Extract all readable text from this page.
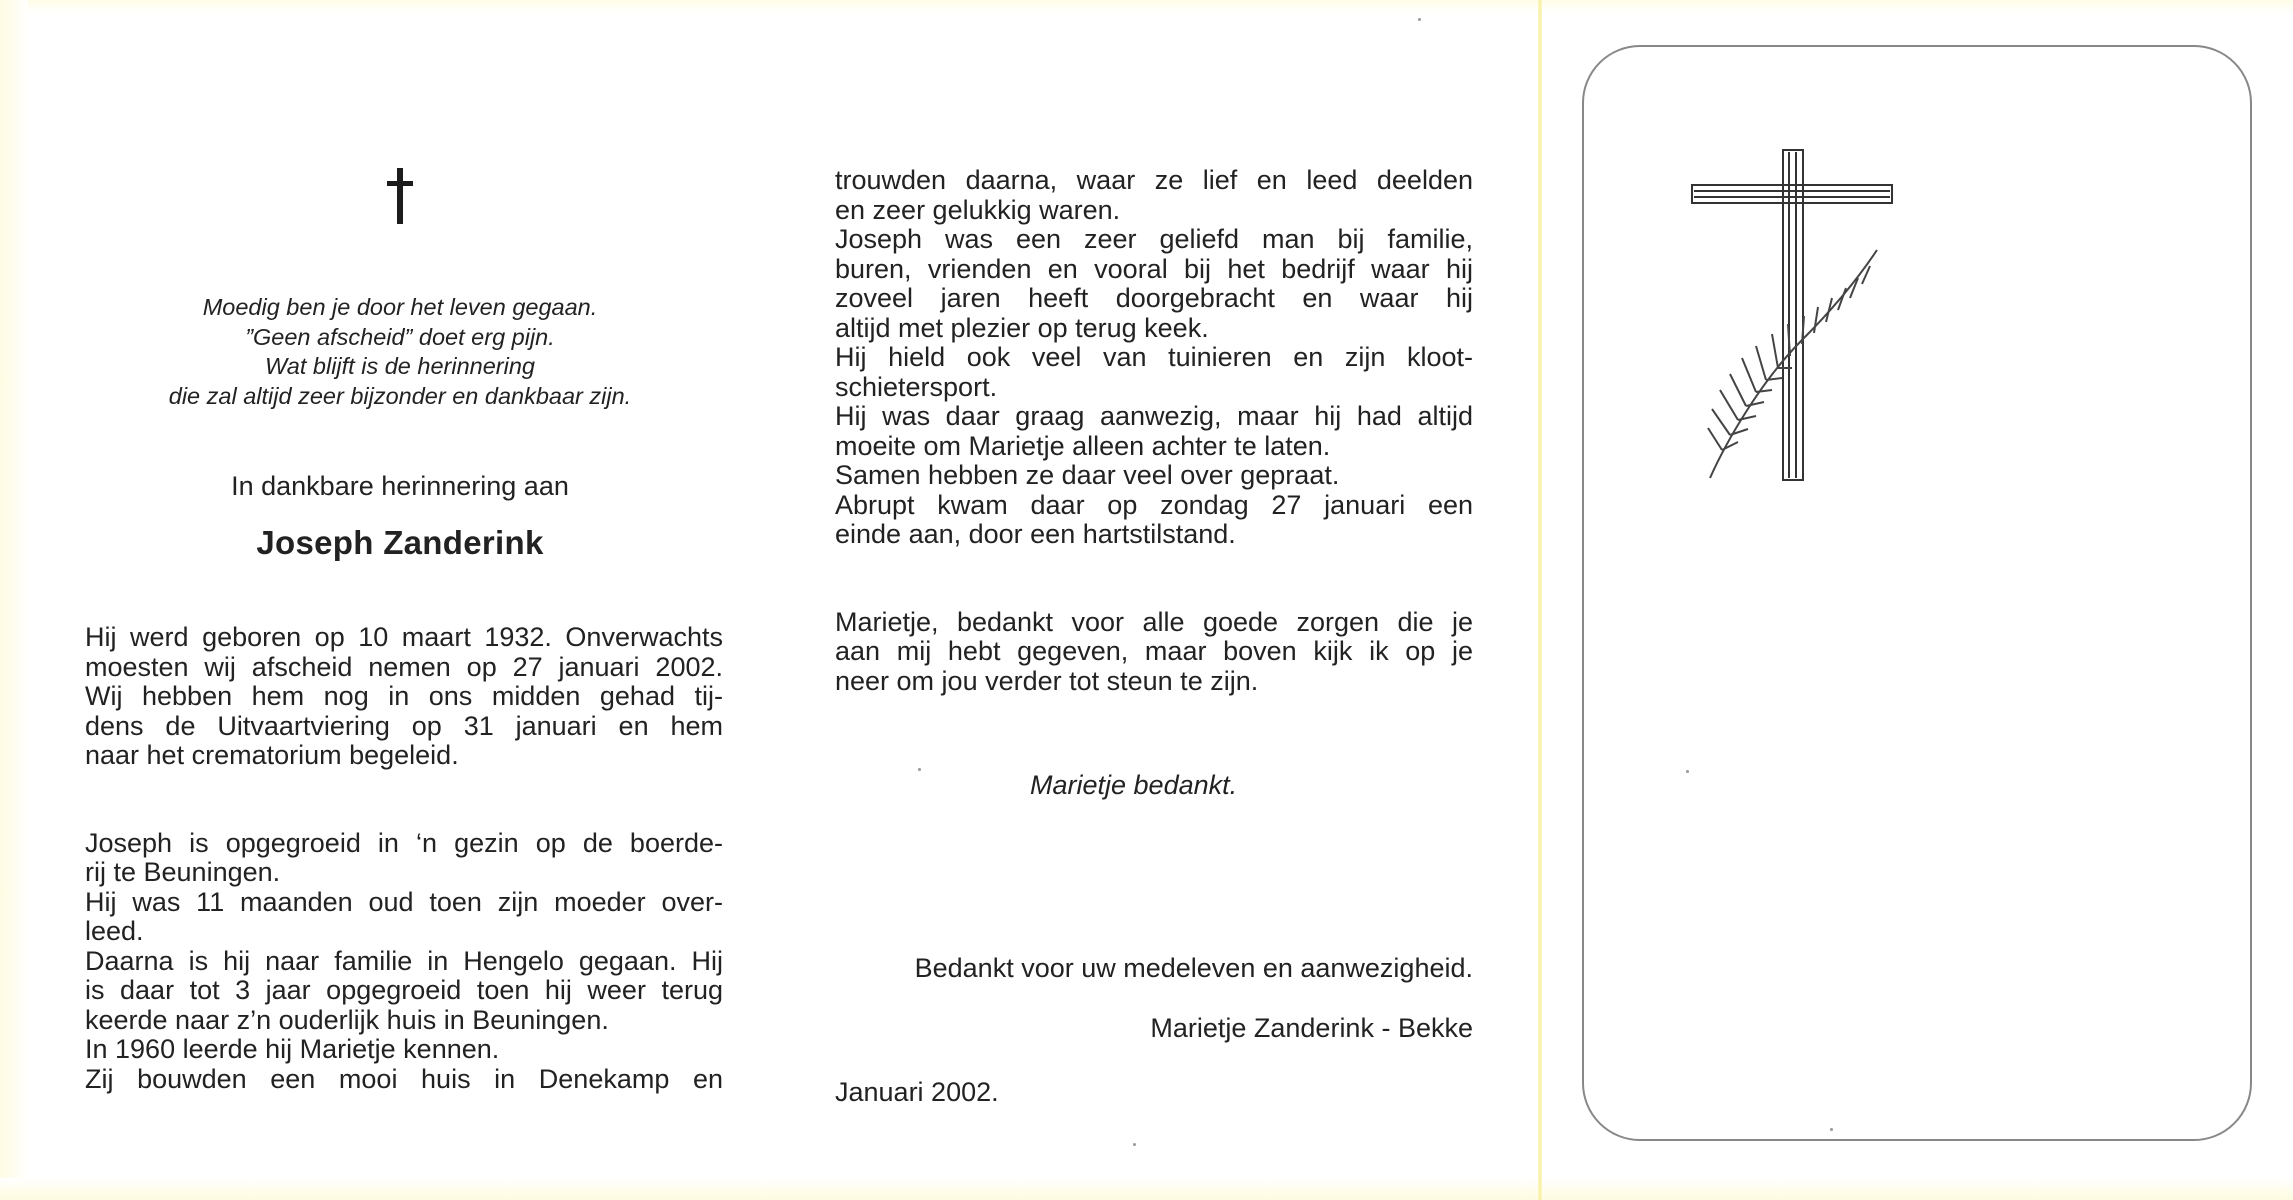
Moedig ben je door het leven gegaan.
”Geen afscheid” doet erg pijn.
Wat blijft is de herinnering
die zal altijd zeer bijzonder en dankbaar zijn.
In dankbare herinnering aan
Joseph Zanderink
Hij werd geboren op 10 maart 1932. Onverwachts
moesten wij afscheid nemen op 27 januari 2002.
Wij hebben hem nog in ons midden gehad tij-
dens de Uitvaartviering op 31 januari en hem
naar het crematorium begeleid.
Joseph is opgegroeid in ‘n gezin op de boerde-
rij te Beuningen.
Hij was 11 maanden oud toen zijn moeder over-
leed.
Daarna is hij naar familie in Hengelo gegaan. Hij
is daar tot 3 jaar opgegroeid toen hij weer terug
keerde naar z’n ouderlijk huis in Beuningen.
In 1960 leerde hij Marietje kennen.
Zij bouwden een mooi huis in Denekamp en
trouwden daarna, waar ze lief en leed deelden
en zeer gelukkig waren.
Joseph was een zeer geliefd man bij familie,
buren, vrienden en vooral bij het bedrijf waar hij
zoveel jaren heeft doorgebracht en waar hij
altijd met plezier op terug keek.
Hij hield ook veel van tuinieren en zijn kloot-
schietersport.
Hij was daar graag aanwezig, maar hij had altijd
moeite om Marietje alleen achter te laten.
Samen hebben ze daar veel over gepraat.
Abrupt kwam daar op zondag 27 januari een
einde aan, door een hartstilstand.
Marietje, bedankt voor alle goede zorgen die je
aan mij hebt gegeven, maar boven kijk ik op je
neer om jou verder tot steun te zijn.
Marietje bedankt.
Bedankt voor uw medeleven en aanwezigheid.
Marietje Zanderink - Bekke
Januari 2002.
